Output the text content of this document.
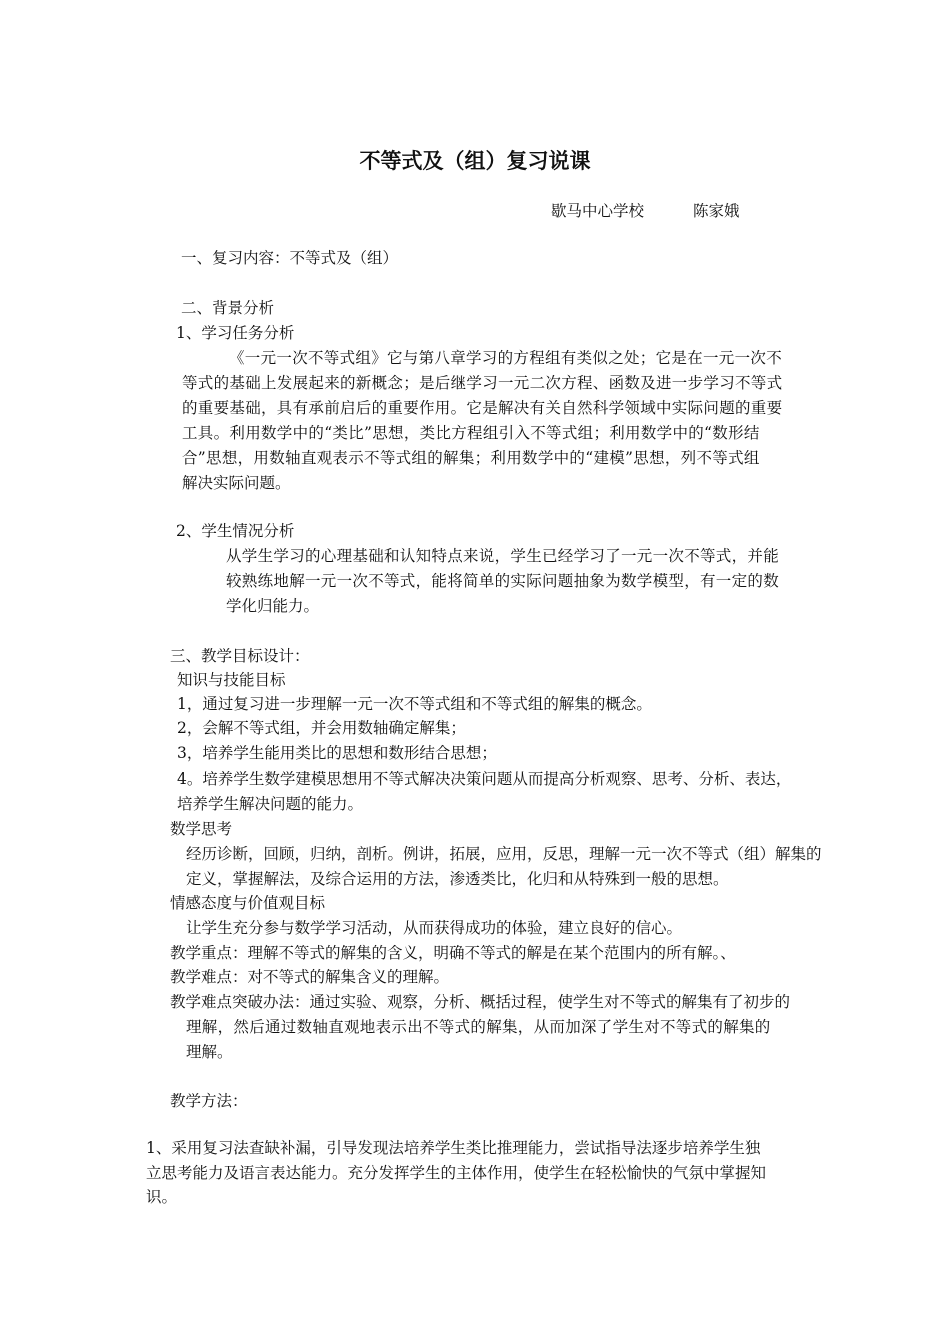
不等式及（组）复习说课
歇马中心学校	陈家娥
一、复习内容：不等式及（组）
二、背景分析
1、学习任务分析
《一元一次不等式组》它与第八章学习的方程组有类似之处；它是在一元一次不
等式的基础上发展起来的新概念；是后继学习一元二次方程、函数及进一步学习不等式
的重要基础，具有承前启后的重要作用。它是解决有关自然科学领域中实际问题的重要
工具。利用数学中的“类比”思想，类比方程组引入不等式组；利用数学中的“数形结
合”思想，用数轴直观表示不等式组的解集；利用数学中的“建模”思想，列不等式组
解决实际问题。
2、学生情况分析
从学生学习的心理基础和认知特点来说，学生已经学习了一元一次不等式，并能
较熟练地解一元一次不等式，能将简单的实际问题抽象为数学模型，有一定的数
学化归能力。
三、教学目标设计：
知识与技能目标
1，通过复习进一步理解一元一次不等式组和不等式组的解集的概念。
2，会解不等式组，并会用数轴确定解集；
3，培养学生能用类比的思想和数形结合思想；
4。培养学生数学建模思想用不等式解决决策问题从而提高分析观察、思考、分析、表达，
培养学生解决问题的能力。
数学思考
经历诊断，回顾，归纳，剖析。例讲，拓展，应用，反思，理解一元一次不等式（组）解集的
定义，掌握解法，及综合运用的方法，渗透类比，化归和从特殊到一般的思想。
情感态度与价值观目标
让学生充分参与数学学习活动，从而获得成功的体验，建立良好的信心。
教学重点：理解不等式的解集的含义，明确不等式的解是在某个范围内的所有解。、
教学难点：对不等式的解集含义的理解。
教学难点突破办法：通过实验、观察，分析、概括过程，使学生对不等式的解集有了初步的
理解，然后通过数轴直观地表示出不等式的解集，从而加深了学生对不等式的解集的
理解。
教学方法：
1、采用复习法查缺补漏，引导发现法培养学生类比推理能力，尝试指导法逐步培养学生独
立思考能力及语言表达能力。充分发挥学生的主体作用，使学生在轻松愉快的气氛中掌握知
识。
